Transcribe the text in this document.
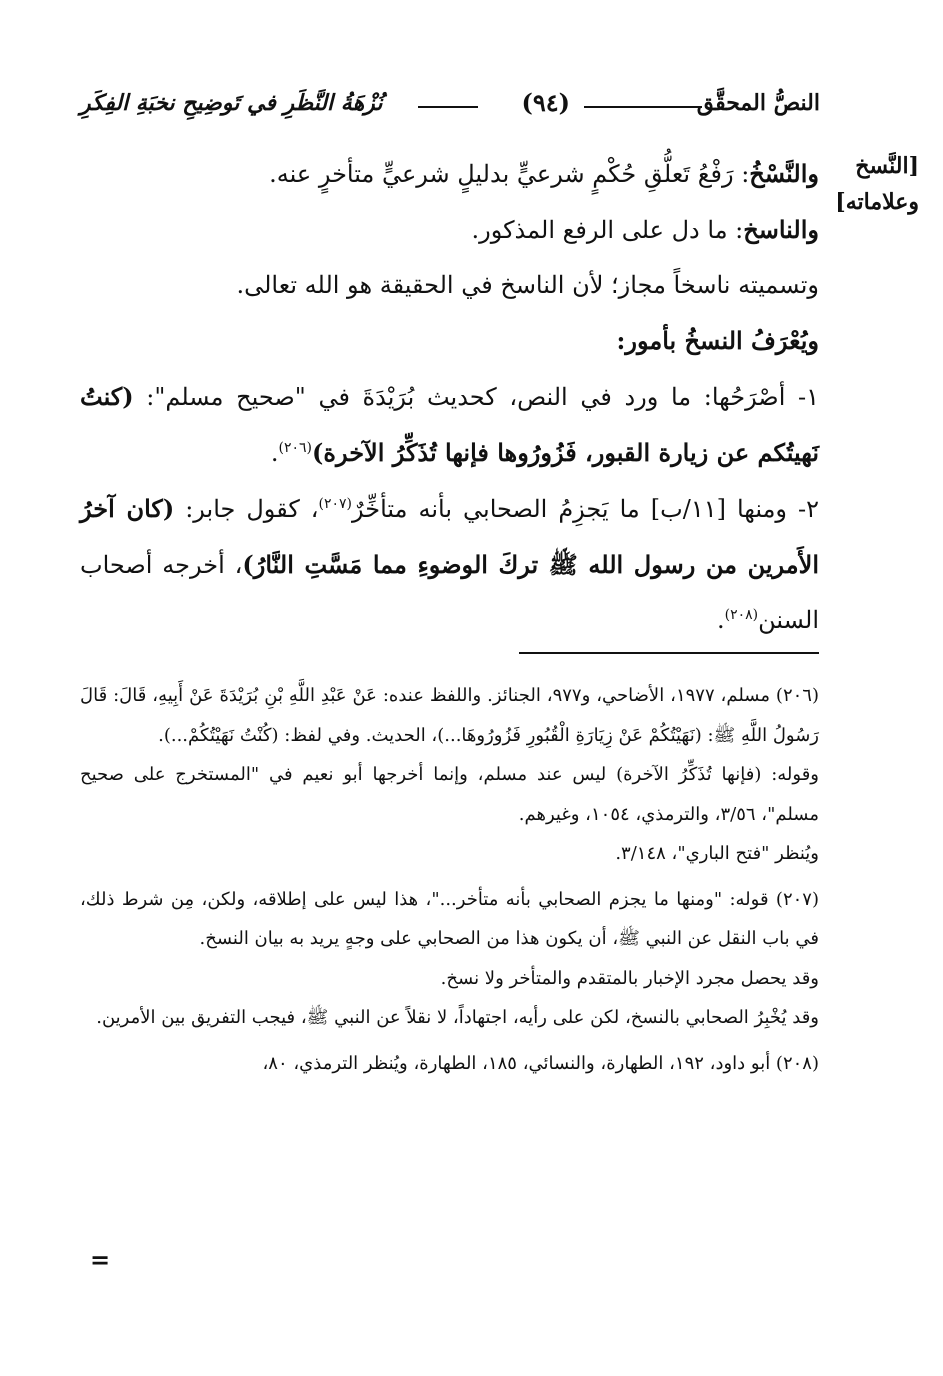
النصُّ المحقَّق
(٩٤)
نُزْهَةُ النَّظَرِ في تَوضِيحِ نخبَةِ الفِكَرِ
[النَّسخ
وعلاماته]

والنَّسْخُ: رَفْعُ تَعلُّقِ حُكْمٍ شرعيٍّ بدليلٍ شرعيٍّ متأخرٍ عنه.

والناسخ: ما دل على الرفع المذكور.

وتسميته ناسخاً مجاز؛ لأن الناسخ في الحقيقة هو الله تعالى.

ويُعْرَفُ النسخُ بأمور:

١- أصْرَحُها: ما ورد في النص، كحديث بُرَيْدَةَ في "صحيح مسلم": (كنتُ نَهيتُكم عن زيارة القبور، فَزُورُوها فإنها تُذَكِّرُ الآخرة)$^{(٢٠٦)}$.

٢- ومنها [١١/ب] ما يَجزِمُ الصحابي بأنه متأخِّرٌ$^{(٢٠٧)}$، كقول جابر: (كان آخرُ الأَمرين من رسول الله ﷺ تركَ الوضوءِ مما مَسَّتِ النَّارُ)، أخرجه أصحاب السنن$^{(٢٠٨)}$.

(٢٠٦) مسلم، ١٩٧٧، الأضاحي، و٩٧٧، الجنائز. واللفظ عنده: عَنْ عَبْدِ اللَّهِ بْنِ بُرَيْدَةَ عَنْ أَبِيهِ، قَالَ: قَالَ رَسُولُ اللَّهِ ﷺ: (نَهَيْتُكُمْ عَنْ زِيَارَةِ الْقُبُورِ فَزُورُوهَا...)، الحديث. وفي لفظ: (كُنْتُ نَهَيْتُكُمْ...).

وقوله: (فإنها تُذَكِّرُ الآخرة) ليس عند مسلم، وإنما أخرجها أبو نعيم في "المستخرج على صحيح مسلم"، ٣/٥٦، والترمذي، ١٠٥٤، وغيرهم.

ويُنظر "فتح الباري"، ٣/١٤٨.

(٢٠٧) قوله: "ومنها ما يجزم الصحابي بأنه متأخر..."، هذا ليس على إطلاقه، ولكن، مِن شرط ذلك، في باب النقل عن النبي ﷺ، أن يكون هذا من الصحابي على وجهٍ يريد به بيان النسخ.

وقد يحصل مجرد الإخبار بالمتقدم والمتأخر ولا نسخ.

وقد يُخْبِرُ الصحابي بالنسخ، لكن على رأيه، اجتهاداً، لا نقلاً عن النبي ﷺ، فيجب التفريق بين الأمرين.

(٢٠٨) أبو داود، ١٩٢، الطهارة، والنسائي، ١٨٥، الطهارة، ويُنظر الترمذي، ٨٠،

=
